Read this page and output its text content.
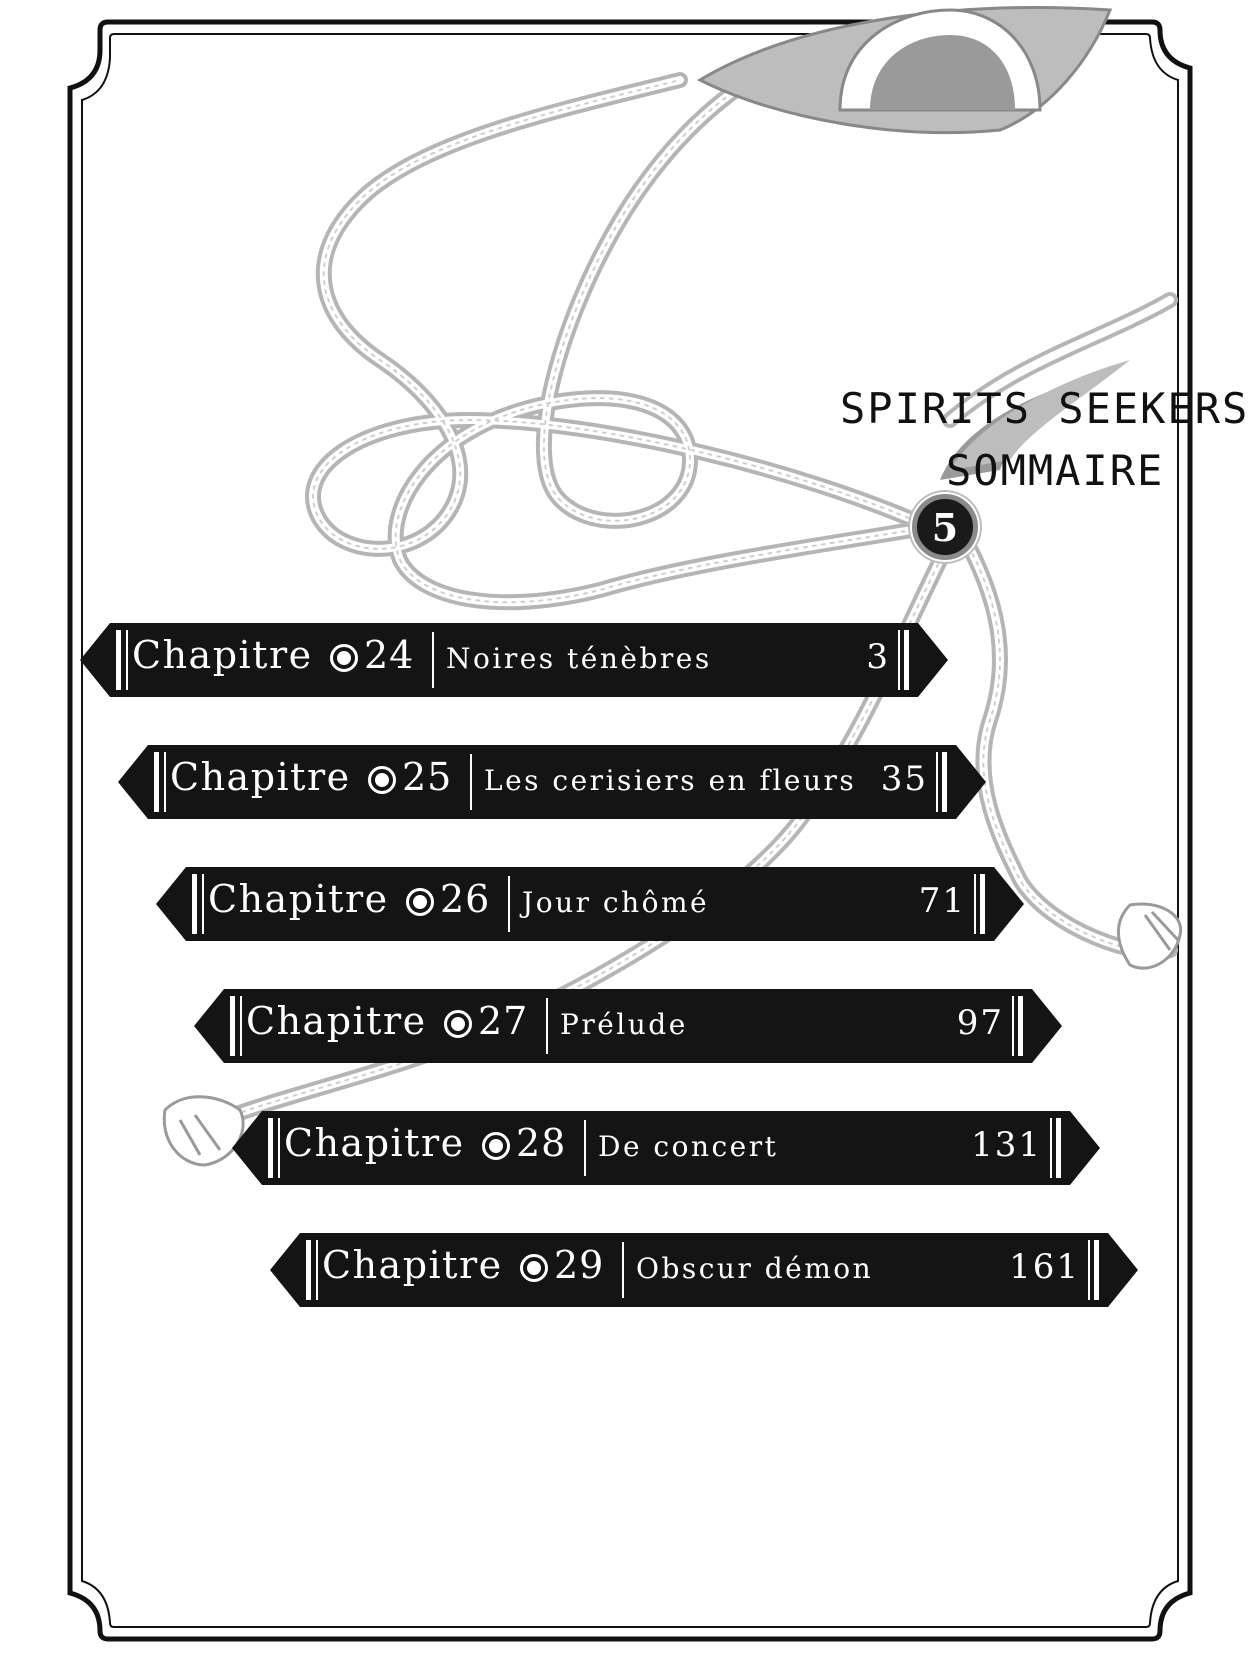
SPIRITS SEEKERS
SOMMAIRE
5
Chapitre 24 Noires ténèbres	3
Chapitre 25 Les cerisiers en fleurs 35
Chapitre 26 Jour chômé	71
Chapitre 27 Prélude	97
Chapitre 28 De concert	131
Chapitre 29 Obscur démon	161
